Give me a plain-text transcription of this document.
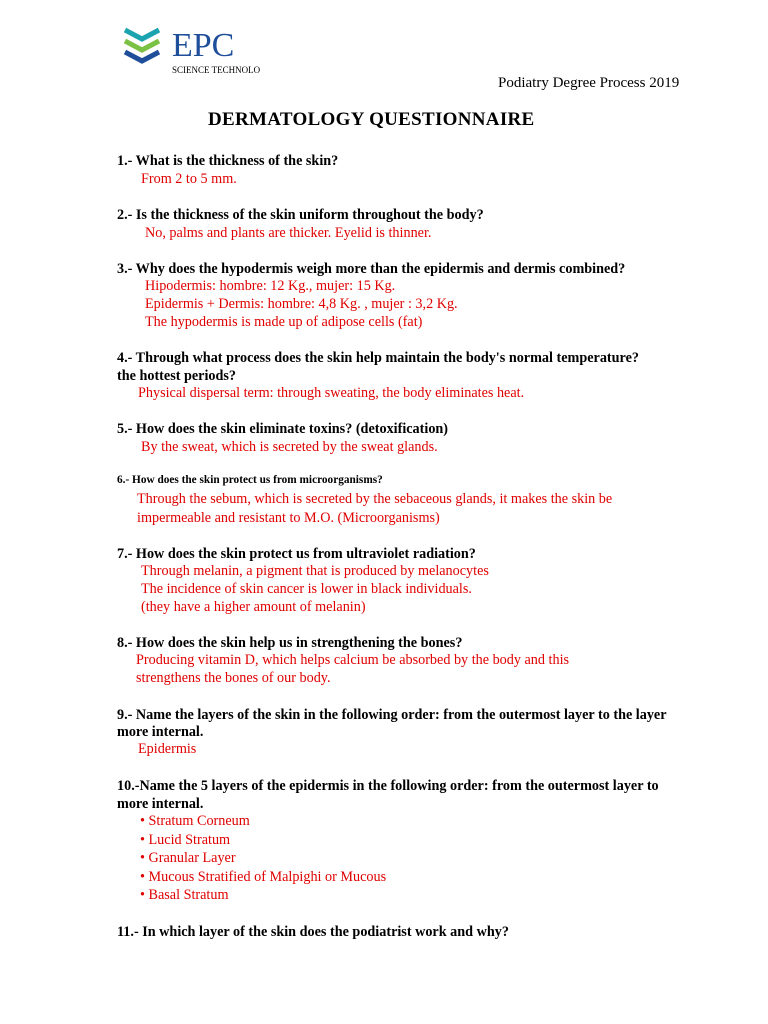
EPC
SCIENCE TECHNOLO
Podiatry Degree Process 2019
DERMATOLOGY QUESTIONNAIRE

1.- What is the thickness of the skin?

From 2 to 5 mm.

2.- Is the thickness of the skin uniform throughout the body?

No, palms and plants are thicker. Eyelid is thinner.

3.- Why does the hypodermis weigh more than the epidermis and dermis combined?

Hipodermis: hombre: 12 Kg., mujer: 15 Kg.

Epidermis + Dermis: hombre: 4,8 Kg. , mujer : 3,2 Kg.

The hypodermis is made up of adipose cells (fat)

4.- Through what process does the skin help maintain the body's normal temperature?

the hottest periods?

Physical dispersal term: through sweating, the body eliminates heat.

5.- How does the skin eliminate toxins? (detoxification)

By the sweat, which is secreted by the sweat glands.

6.- How does the skin protect us from microorganisms?

Through the sebum, which is secreted by the sebaceous glands, it makes the skin be

impermeable and resistant to M.O. (Microorganisms)

7.- How does the skin protect us from ultraviolet radiation?

Through melanin, a pigment that is produced by melanocytes

The incidence of skin cancer is lower in black individuals.

(they have a higher amount of melanin)

8.- How does the skin help us in strengthening the bones?

Producing vitamin D, which helps calcium be absorbed by the body and this

strengthens the bones of our body.

9.- Name the layers of the skin in the following order: from the outermost layer to the layer

more internal.

Epidermis

10.-Name the 5 layers of the epidermis in the following order: from the outermost layer to

more internal.

• Stratum Corneum
• Lucid Stratum
• Granular Layer
• Mucous Stratified of Malpighi or Mucous
• Basal Stratum

11.- In which layer of the skin does the podiatrist work and why?
